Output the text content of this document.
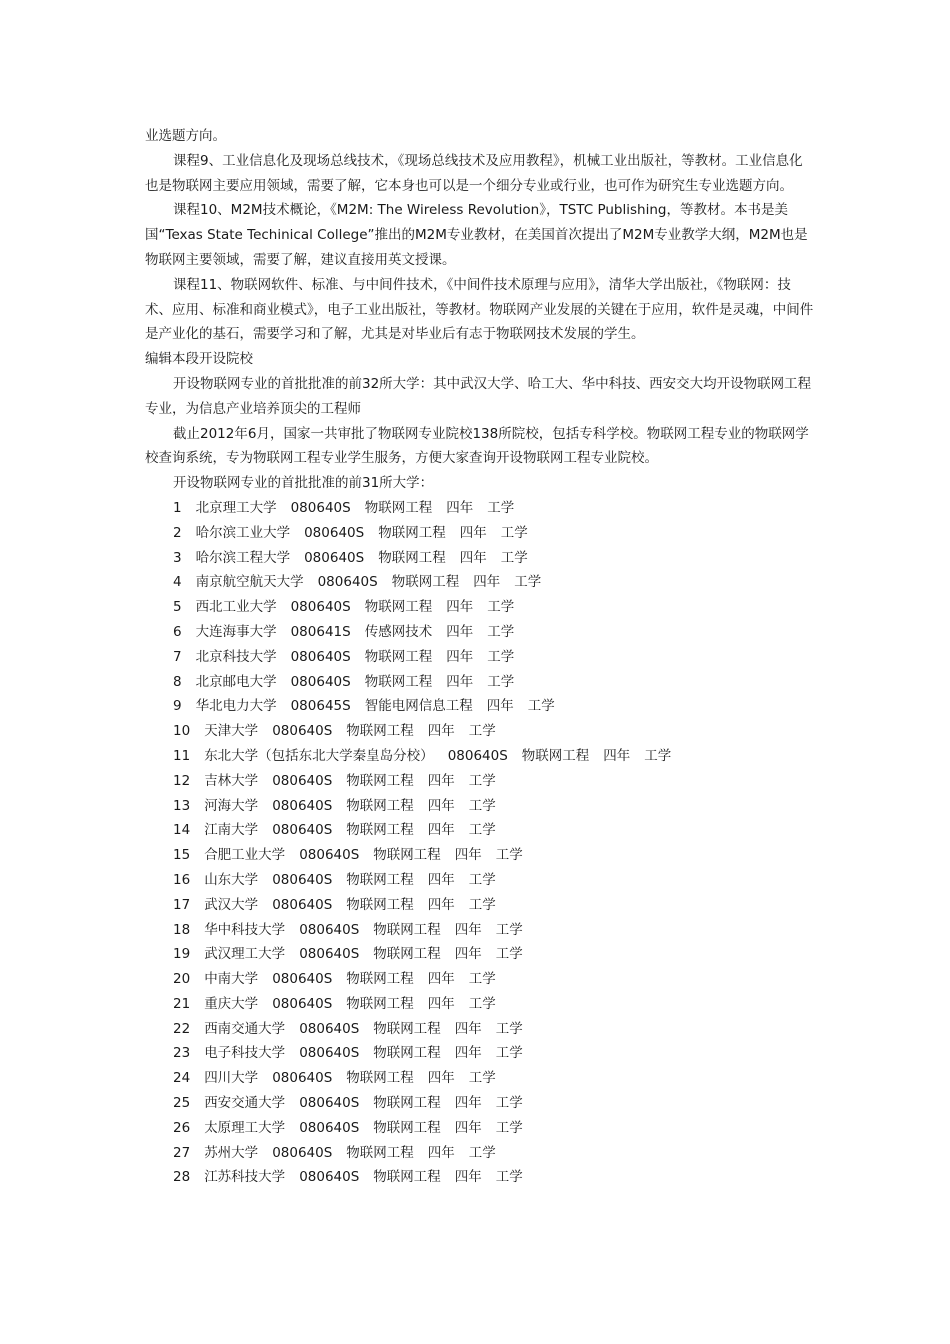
业选题方向。

课程9、工业信息化及现场总线技术，《现场总线技术及应用教程》，机械工业出版社，等教材。工业信息化也是物联网主要应用领域，需要了解，它本身也可以是一个细分专业或行业，也可作为研究生专业选题方向。

课程10、M2M技术概论，《M2M: The Wireless Revolution》，TSTC Publishing，等教材。本书是美国“Texas State Techinical College”推出的M2M专业教材，在美国首次提出了M2M专业教学大纲，M2M也是物联网主要领域，需要了解，建议直接用英文授课。

课程11、物联网软件、标准、与中间件技术，《中间件技术原理与应用》，清华大学出版社，《物联网：技术、应用、标准和商业模式》，电子工业出版社，等教材。物联网产业发展的关键在于应用，软件是灵魂，中间件是产业化的基石，需要学习和了解，尤其是对毕业后有志于物联网技术发展的学生。

编辑本段开设院校

开设物联网专业的首批批准的前32所大学：其中武汉大学、哈工大、华中科技、西安交大均开设物联网工程专业，为信息产业培养顶尖的工程师

截止2012年6月，国家一共审批了物联网专业院校138所院校，包括专科学校。物联网工程专业的物联网学校查询系统，专为物联网工程专业学生服务，方便大家查询开设物联网工程专业院校。

开设物联网专业的首批批准的前31所大学：

1 北京理工大学 080640S 物联网工程 四年 工学
2 哈尔滨工业大学 080640S 物联网工程 四年 工学
3 哈尔滨工程大学 080640S 物联网工程 四年 工学
4 南京航空航天大学 080640S 物联网工程 四年 工学
5 西北工业大学 080640S 物联网工程 四年 工学
6 大连海事大学 080641S 传感网技术 四年 工学
7 北京科技大学 080640S 物联网工程 四年 工学
8 北京邮电大学 080640S 物联网工程 四年 工学
9 华北电力大学 080645S 智能电网信息工程 四年 工学
10 天津大学 080640S 物联网工程 四年 工学
11 东北大学（包括东北大学秦皇岛分校） 080640S 物联网工程 四年 工学
12 吉林大学 080640S 物联网工程 四年 工学
13 河海大学 080640S 物联网工程 四年 工学
14 江南大学 080640S 物联网工程 四年 工学
15 合肥工业大学 080640S 物联网工程 四年 工学
16 山东大学 080640S 物联网工程 四年 工学
17 武汉大学 080640S 物联网工程 四年 工学
18 华中科技大学 080640S 物联网工程 四年 工学
19 武汉理工大学 080640S 物联网工程 四年 工学
20 中南大学 080640S 物联网工程 四年 工学
21 重庆大学 080640S 物联网工程 四年 工学
22 西南交通大学 080640S 物联网工程 四年 工学
23 电子科技大学 080640S 物联网工程 四年 工学
24 四川大学 080640S 物联网工程 四年 工学
25 西安交通大学 080640S 物联网工程 四年 工学
26 太原理工大学 080640S 物联网工程 四年 工学
27 苏州大学 080640S 物联网工程 四年 工学
28 江苏科技大学 080640S 物联网工程 四年 工学
